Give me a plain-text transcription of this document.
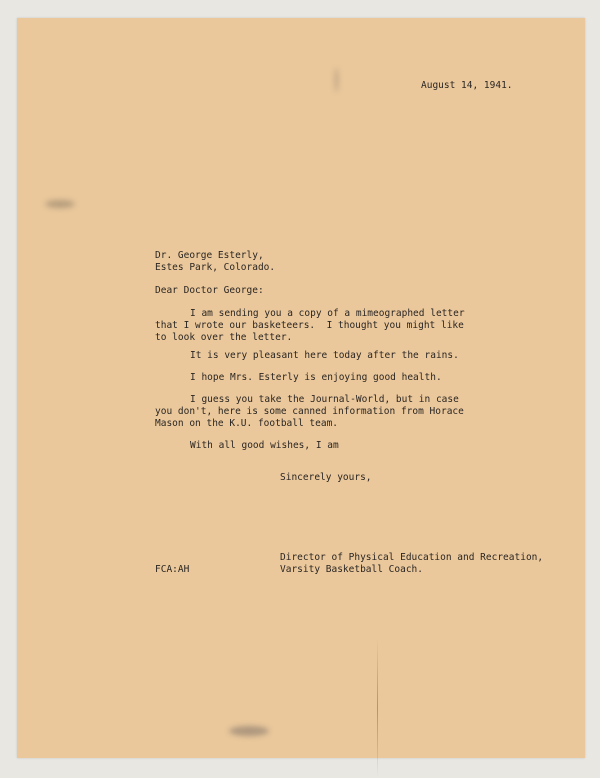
August 14, 1941.
Dr. George Esterly,
Estes Park, Colorado.
Dear Doctor George:
I am sending you a copy of a mimeographed letter
that I wrote our basketeers.  I thought you might like
to look over the letter.
It is very pleasant here today after the rains.
I hope Mrs. Esterly is enjoying good health.
I guess you take the Journal-World, but in case
you don't, here is some canned information from Horace
Mason on the K.U. football team.
With all good wishes, I am
Sincerely yours,
Director of Physical Education and Recreation,
Varsity Basketball Coach.
FCA:AH
